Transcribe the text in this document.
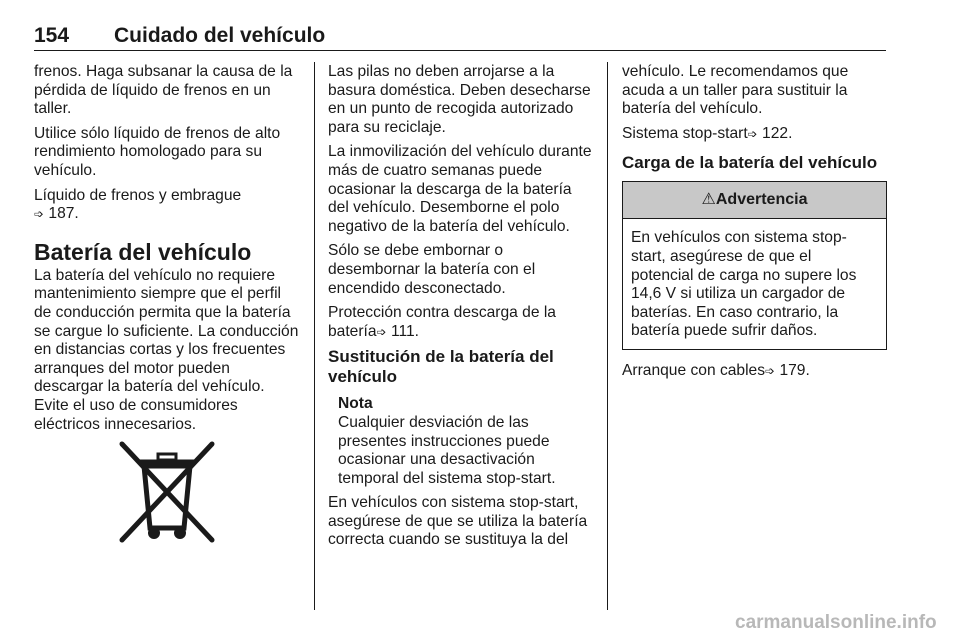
154 Cuidado del vehículo

frenos. Haga subsanar la causa de la pérdida de líquido de frenos en un taller.

Utilice sólo líquido de frenos de alto rendimiento homologado para su vehículo.

Líquido de frenos y embrague
➩ 187.

Batería del vehículo

La batería del vehículo no requiere mantenimiento siempre que el perfil de conducción permita que la batería se cargue lo suficiente. La conducción en distancias cortas y los frecuentes arranques del motor pueden descargar la batería del vehículo. Evite el uso de consumidores eléctricos innecesarios.

Las pilas no deben arrojarse a la basura doméstica. Deben desecharse en un punto de recogida autorizado para su reciclaje.

La inmovilización del vehículo durante más de cuatro semanas puede ocasionar la descarga de la batería del vehículo. Desemborne el polo negativo de la batería del vehículo.

Sólo se debe embornar o desembornar la batería con el encendido desconectado.

Protección contra descarga de la batería➩ 111.

Sustitución de la batería del vehículo
Nota
Cualquier desviación de las presentes instrucciones puede ocasionar una desactivación temporal del sistema stop-start.

En vehículos con sistema stop-start, asegúrese de que se utiliza la batería correcta cuando se sustituya la del

vehículo. Le recomendamos que acuda a un taller para sustituir la batería del vehículo.

Sistema stop-start➩ 122.

Carga de la batería del vehículo
⚠Advertencia
En vehículos con sistema stop-start, asegúrese de que el potencial de carga no supere los 14,6 V si utiliza un cargador de baterías. En caso contrario, la batería puede sufrir daños.

Arranque con cables➩ 179.

carmanualsonline.info
